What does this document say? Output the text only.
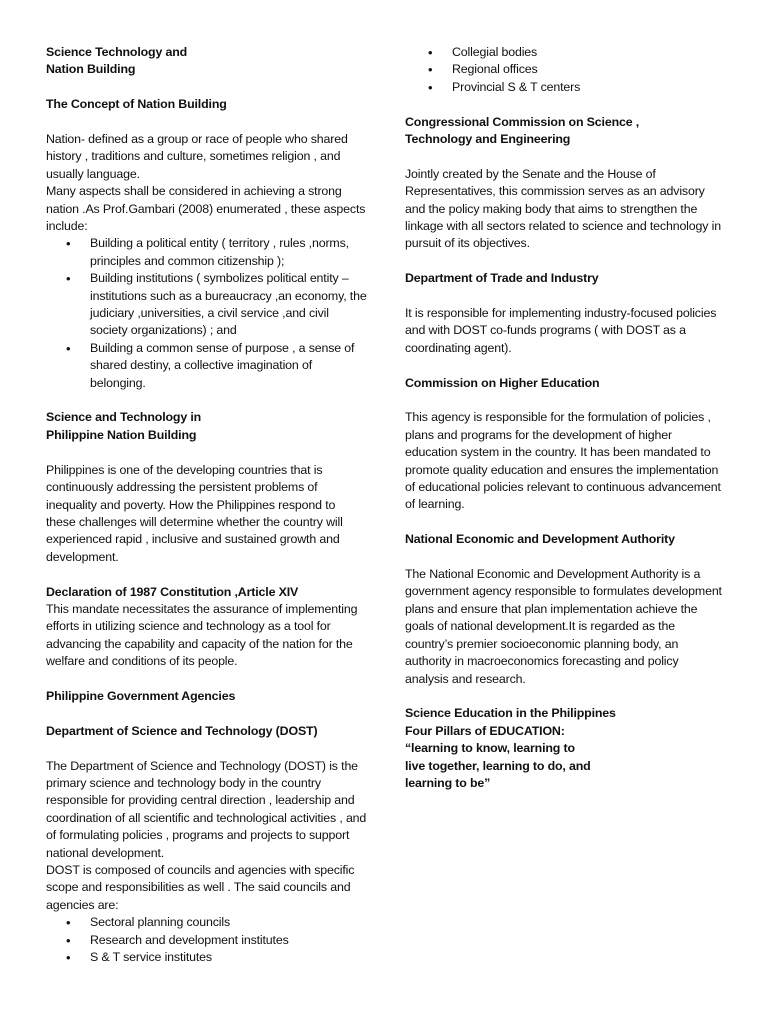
Science Technology and
Nation Building

The Concept of Nation Building

Nation- defined as a group or race of people who shared history , traditions and culture, sometimes religion , and usually language.

Many aspects shall be considered in achieving a strong nation .As Prof.Gambari (2008) enumerated , these aspects include:

• Building a political entity ( territory , rules ,norms, principles and common citizenship );
• Building institutions ( symbolizes political entity – institutions such as a bureaucracy ,an economy, the judiciary ,universities, a civil service ,and civil society organizations) ; and
• Building a common sense of purpose , a sense of shared destiny, a collective imagination of belonging.

Science and Technology in
Philippine Nation Building

Philippines is one of the developing countries that is continuously addressing the persistent problems of inequality and poverty. How the Philippines respond to these challenges will determine whether the country will experienced rapid , inclusive and sustained growth and development.

Declaration of 1987 Constitution ,Article XIV

This mandate necessitates the assurance of implementing efforts in utilizing science and technology as a tool for advancing the capability and capacity of the nation for the welfare and conditions of its people.

Philippine Government Agencies

Department of Science and Technology (DOST)

The Department of Science and Technology (DOST) is the primary science and technology body in the country responsible for providing central direction , leadership and coordination of all scientific and technological activities , and of formulating policies , programs and projects to support national development.

DOST is composed of councils and agencies with specific scope and responsibilities as well . The said councils and agencies are:

• Sectoral planning councils
• Research and development institutes
• S & T service institutes
• Collegial bodies
• Regional offices
• Provincial S & T centers

Congressional Commission on Science ,
Technology and Engineering

Jointly created by the Senate and the House of Representatives, this commission serves as an advisory and the policy making body that aims to strengthen the linkage with all sectors related to science and technology in pursuit of its objectives.

Department of Trade and Industry

It is responsible for implementing industry-focused policies and with DOST co-funds programs ( with DOST as a coordinating agent).

Commission on Higher Education

This agency is responsible for the formulation of policies , plans and programs for the development of higher education system in the country. It has been mandated to promote quality education and ensures the implementation of educational policies relevant to continuous advancement of learning.

National Economic and Development Authority

The National Economic and Development Authority is a government agency responsible to formulates development plans and ensure that plan implementation achieve the goals of national development.It is regarded as the country’s premier socioeconomic planning body, an authority in macroeconomics forecasting and policy analysis and research.

Science Education in the Philippines
Four Pillars of EDUCATION:
“learning to know, learning to
live together, learning to do, and
learning to be”
